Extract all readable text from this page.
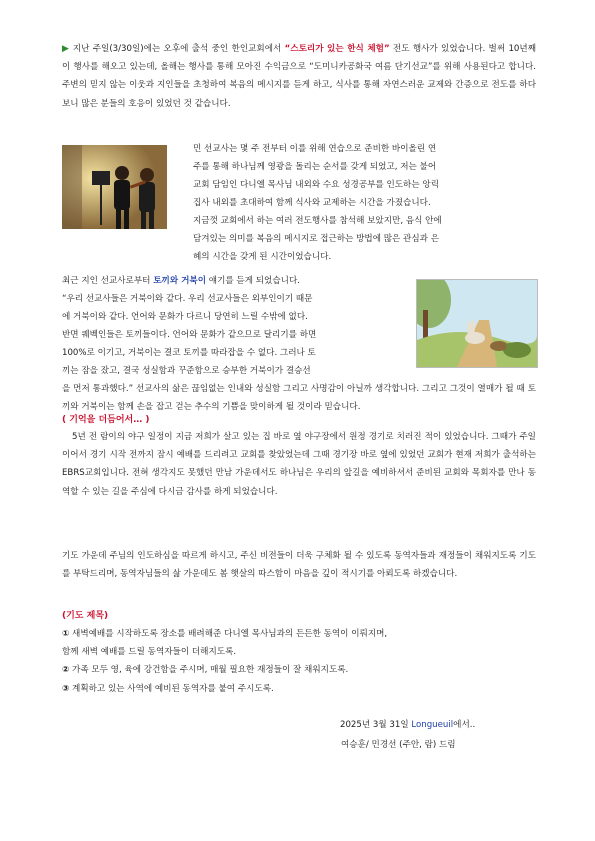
▶ 지난 주일(3/30일)에는 오후에 출석 중인 한인교회에서 “스토리가 있는 한식 체험” 전도 행사가 있었습니다. 벌써 10년째 이 행사를 해오고 있는데, 올해는 행사를 통해 모아진 수익금으로 “도미니카공화국 여름 단기선교”를 위해 사용된다고 합니다. 주변의 믿지 않는 이웃과 지인들을 초청하여 복음의 메시지를 듣게 하고, 식사를 통해 자연스러운 교제와 간증으로 전도를 하다 보니 많은 분들의 호응이 있었던 것 같습니다.

민 선교사는 몇 주 전부터 이를 위해 연습으로 준비한 바이올린 연
주를 통해 하나님께 영광을 돌리는 순서를 갖게 되었고, 저는 불어
교회 담임인 다니엘 목사님 내외와 수요 성경공부를 인도하는 앙릭
집사 내외를 초대하여 함께 식사와 교제하는 시간을 가졌습니다.
지금껏 교회에서 하는 여러 전도행사를 참석해 보았지만, 음식 안에
담겨있는 의미를 복음의 메시지로 접근하는 방법에 많은 관심과 은
혜의 시간을 갖게 된 시간이었습니다.
최근 지인 선교사로부터 토끼와 거북이 얘기를 듣게 되었습니다.
“우리 선교사들은 거북이와 같다. 우리 선교사들은 외부인이기 때문
에 거북이와 같다. 언어와 문화가 다르니 당연히 느릴 수밖에 없다.
반면 퀘벡인들은 토끼들이다. 언어와 문화가 같으므로 달리기를 하면
100%로 이기고, 거북이는 결코 토끼를 따라잡을 수 없다. 그러나 토
끼는 잠을 잤고, 결국 성실함과 꾸준함으로 승부한 거북이가 결승선

을 먼저 통과했다.” 선교사의 삶은 끊임없는 인내와 성실함 그리고 사명감이 아닐까 생각합니다. 그리고 그것이 열매가 될 때 토끼와 거북이는 함께 손을 잡고 걷는 추수의 기쁨을 맞이하게 될 것이라 믿습니다.

( 기억을 더듬어서… )

5년 전 람이의 야구 일정이 지금 저희가 살고 있는 집 바로 옆 야구장에서 원정 경기로 치러진 적이 있었습니다. 그때가 주일이어서 경기 시작 전까지 잠시 예배를 드리려고 교회를 찾았었는데 그때 경기장 바로 옆에 있었던 교회가 현재 저희가 출석하는 EBRS교회입니다. 전혀 생각지도 못했던 만남 가운데서도 하나님은 우리의 앞길을 예비하셔서 준비된 교회와 목회자를 만나 동역할 수 있는 길을 주심에 다시금 감사를 하게 되었습니다.

기도 가운데 주님의 인도하심을 따르게 하시고, 주신 비전들이 더욱 구체화 될 수 있도록 동역자들과 재정들이 채워지도록 기도를 부탁드리며, 동역자님들의 삶 가운데도 봄 햇살의 따스함이 마음을 깊이 적시기를 아뢰도록 하겠습니다.

(기도 제목)
① 새벽예배를 시작하도록 장소를 배려해준 다니엘 목사님과의 든든한 동역이 이뤄지며,
함께 새벽 예배를 드릴 동역자들이 더해지도록.
② 가족 모두 영, 육에 강건함을 주시며, 매월 필요한 재정들이 잘 채워지도록.
③ 계획하고 있는 사역에 예비된 동역자를 붙여 주시도록.
2025년 3월 31일 Longueuil에서..
여승훈/ 민경선 (주안, 람) 드림
